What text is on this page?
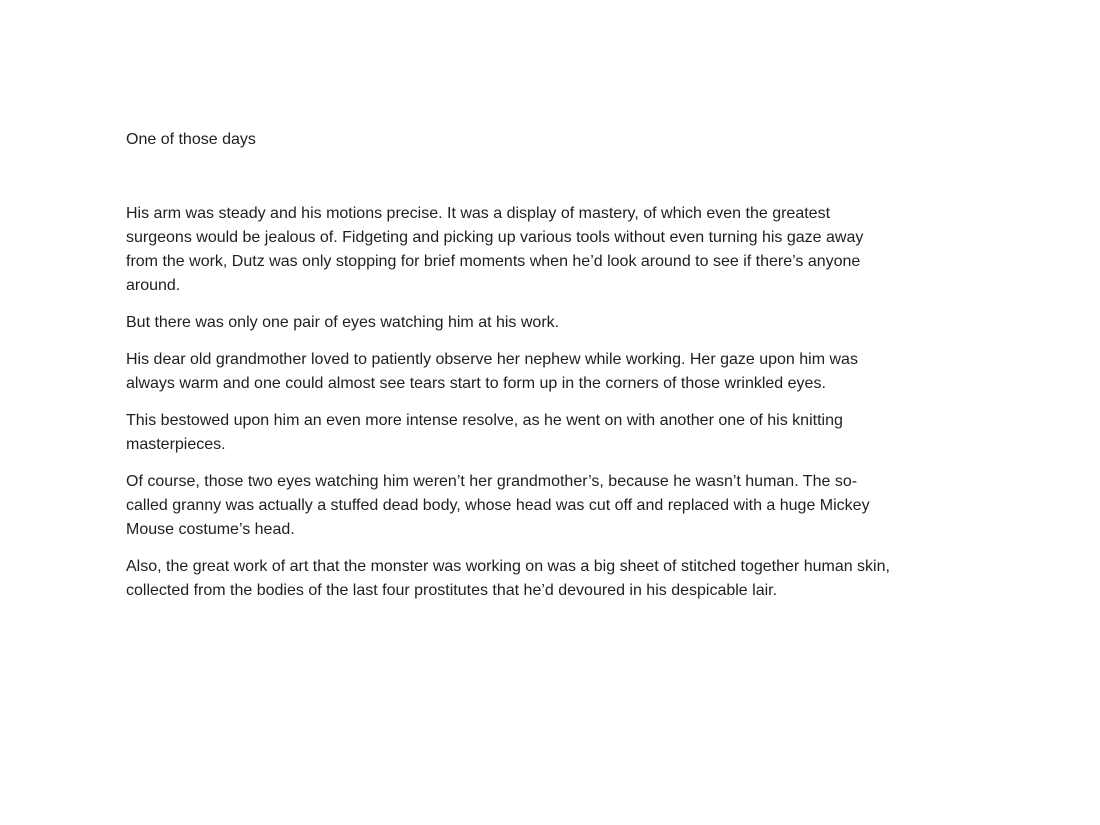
One of those days

His arm was steady and his motions precise. It was a display of mastery, of which even the greatest surgeons would be jealous of. Fidgeting and picking up various tools without even turning his gaze away from the work, Dutz was only stopping for brief moments when he’d look around to see if there’s anyone around.

But there was only one pair of eyes watching him at his work.

His dear old grandmother loved to patiently observe her nephew while working. Her gaze upon him was always warm and one could almost see tears start to form up in the corners of those wrinkled eyes.

This bestowed upon him an even more intense resolve, as he went on with another one of his knitting masterpieces.

Of course, those two eyes watching him weren’t her grandmother’s, because he wasn’t human. The so-called granny was actually a stuffed dead body, whose head was cut off and replaced with a huge Mickey Mouse costume’s head.

Also, the great work of art that the monster was working on was a big sheet of stitched together human skin, collected from the bodies of the last four prostitutes that he’d devoured in his despicable lair.
